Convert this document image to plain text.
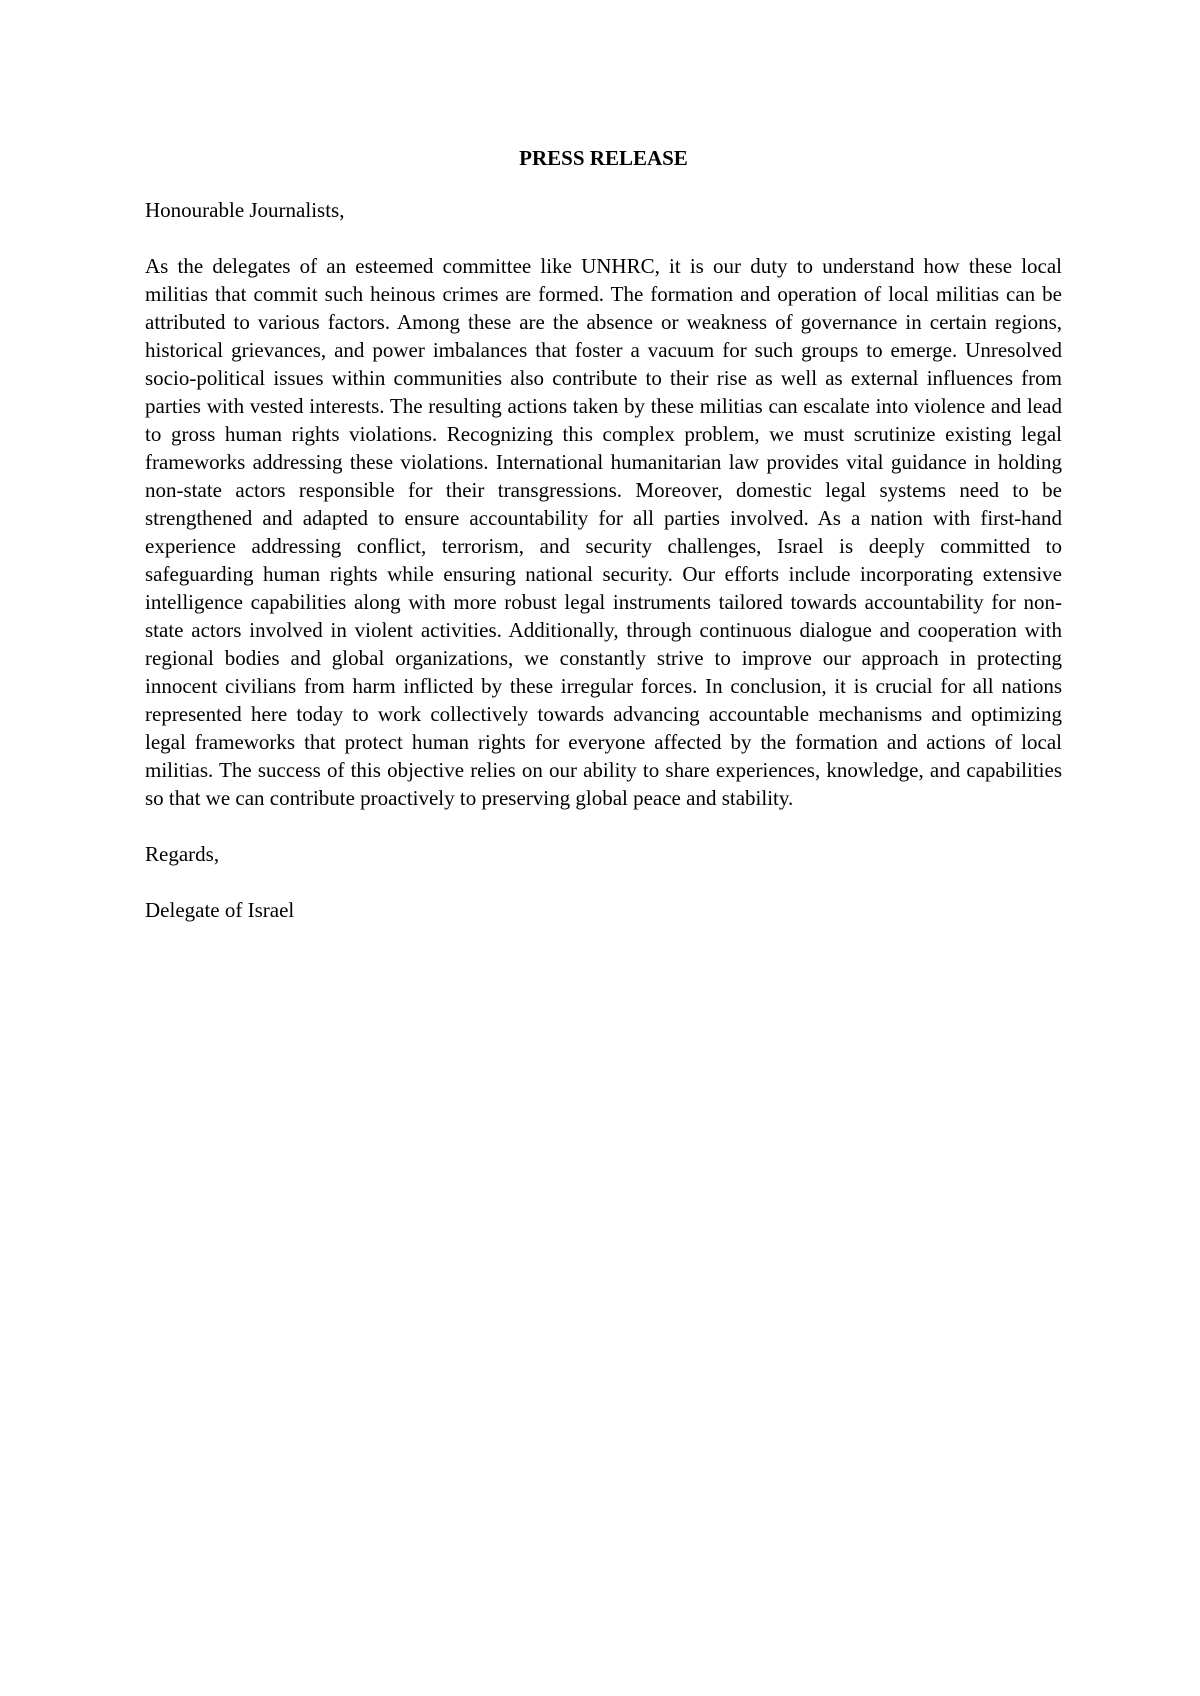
PRESS RELEASE

Honourable Journalists,

As the delegates of an esteemed committee like UNHRC, it is our duty to understand how these local militias that commit such heinous crimes are formed. The formation and operation of local militias can be attributed to various factors. Among these are the absence or weakness of governance in certain regions, historical grievances, and power imbalances that foster a vacuum for such groups to emerge. Unresolved socio-political issues within communities also contribute to their rise as well as external influences from parties with vested interests. The resulting actions taken by these militias can escalate into violence and lead to gross human rights violations. Recognizing this complex problem, we must scrutinize existing legal frameworks addressing these violations. International humanitarian law provides vital guidance in holding non-state actors responsible for their transgressions. Moreover, domestic legal systems need to be strengthened and adapted to ensure accountability for all parties involved. As a nation with first-hand experience addressing conflict, terrorism, and security challenges, Israel is deeply committed to safeguarding human rights while ensuring national security. Our efforts include incorporating extensive intelligence capabilities along with more robust legal instruments tailored towards accountability for non-state actors involved in violent activities. Additionally, through continuous dialogue and cooperation with regional bodies and global organizations, we constantly strive to improve our approach in protecting innocent civilians from harm inflicted by these irregular forces. In conclusion, it is crucial for all nations represented here today to work collectively towards advancing accountable mechanisms and optimizing legal frameworks that protect human rights for everyone affected by the formation and actions of local militias. The success of this objective relies on our ability to share experiences, knowledge, and capabilities so that we can contribute proactively to preserving global peace and stability.

Regards,

Delegate of Israel
